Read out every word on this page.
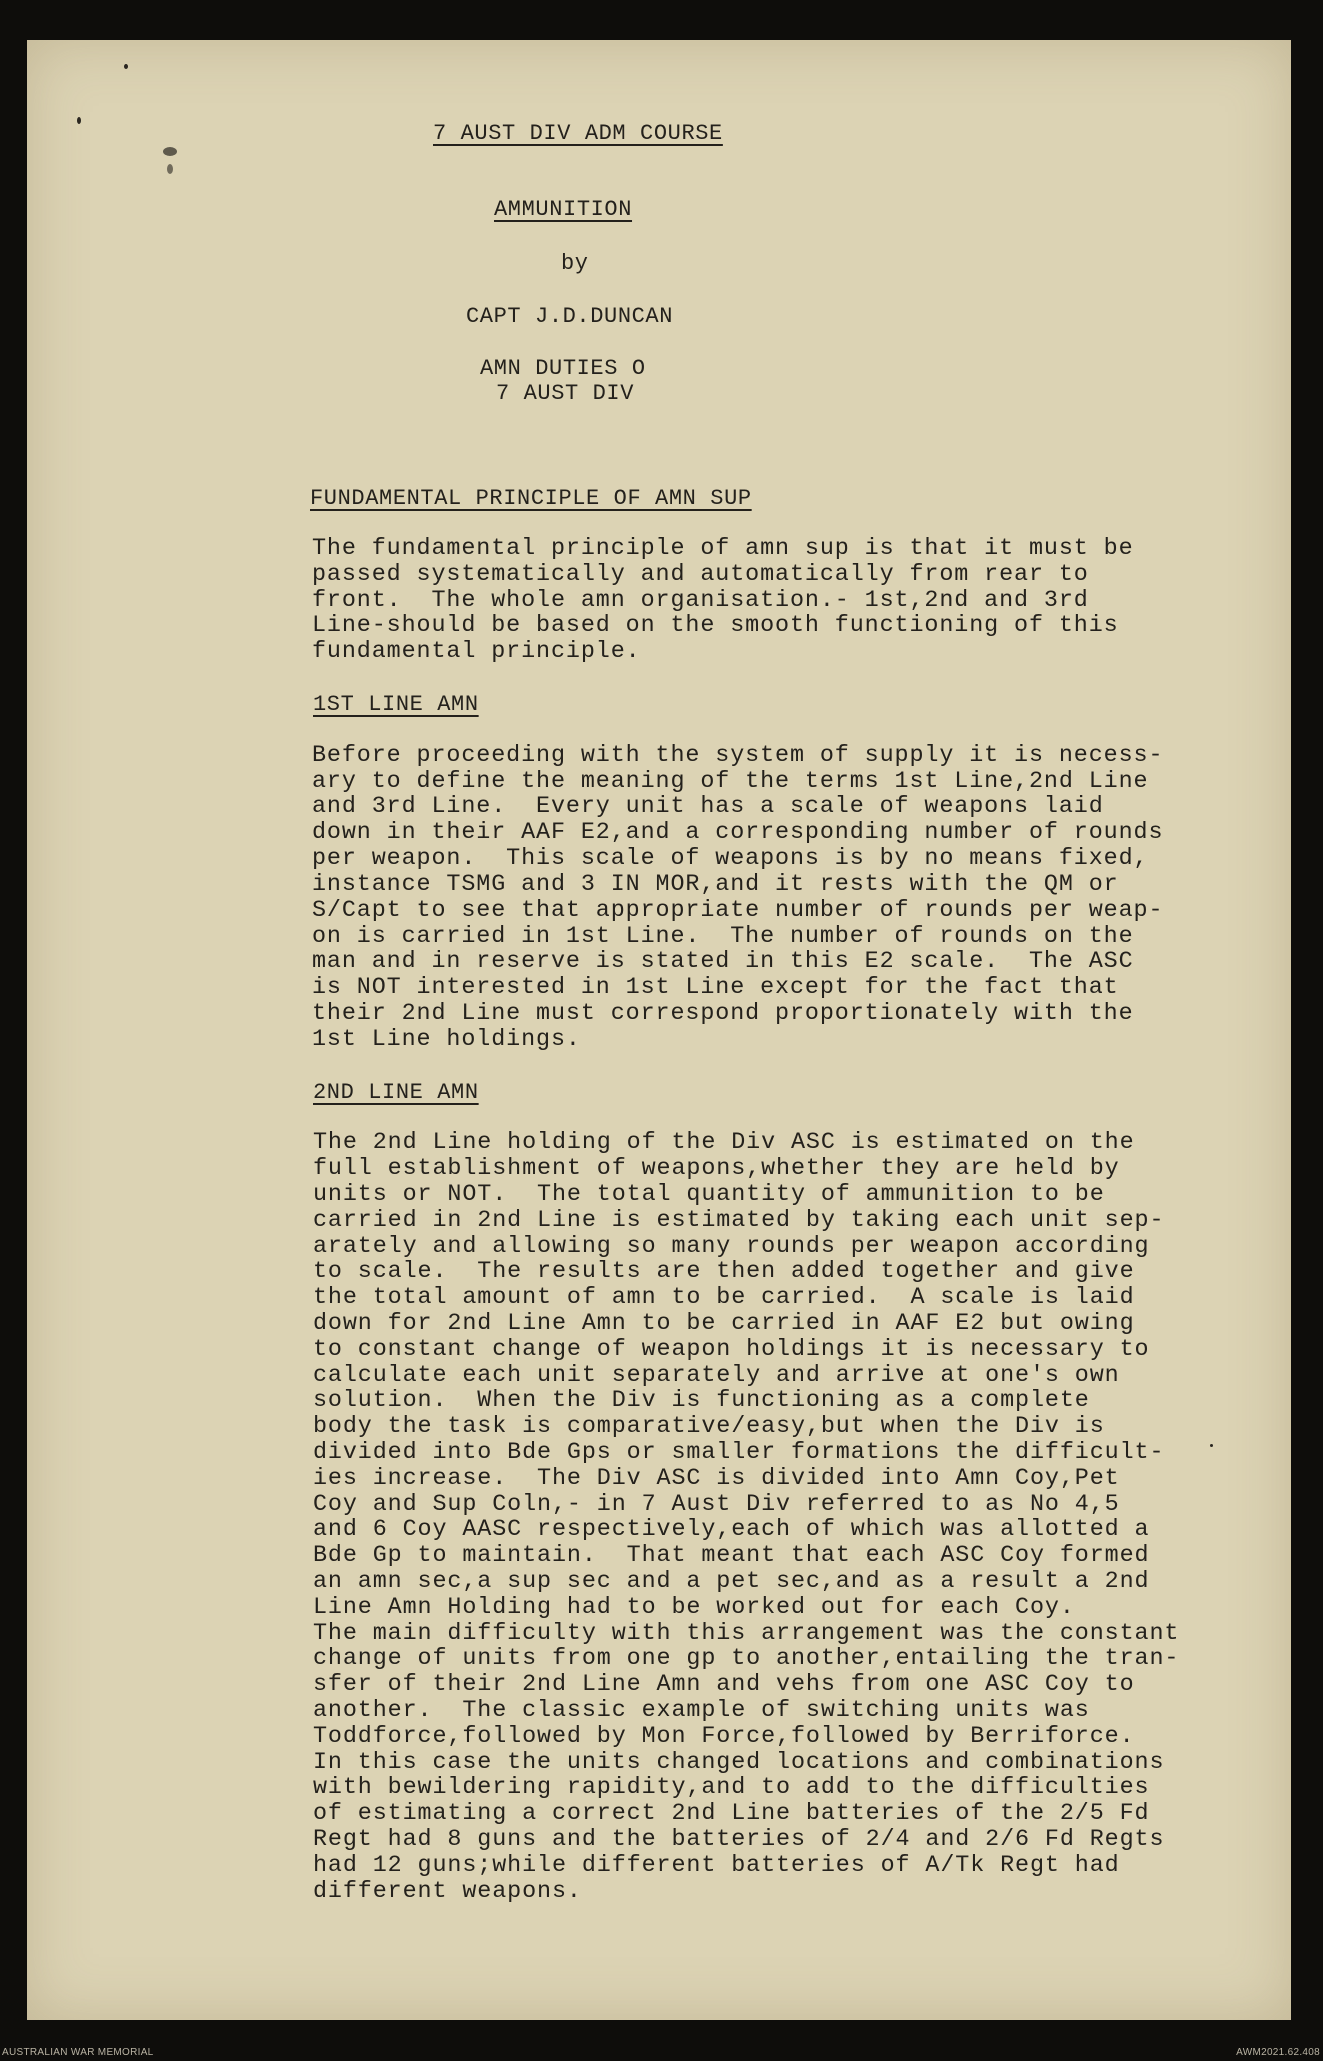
7 AUST DIV ADM COURSE
AMMUNITION
by
CAPT J.D.DUNCAN
AMN DUTIES O
7 AUST DIV
FUNDAMENTAL PRINCIPLE OF AMN SUP
1ST LINE AMN
2ND LINE AMN
The fundamental principle of amn sup is that it must be
passed systematically and automatically from rear to
front.  The whole amn organisation.- 1st,2nd and 3rd
Line-should be based on the smooth functioning of this
fundamental principle.
Before proceeding with the system of supply it is necess-
ary to define the meaning of the terms 1st Line,2nd Line
and 3rd Line.  Every unit has a scale of weapons laid
down in their AAF E2,and a corresponding number of rounds
per weapon.  This scale of weapons is by no means fixed,
instance TSMG and 3 IN MOR,and it rests with the QM or
S/Capt to see that appropriate number of rounds per weap-
on is carried in 1st Line.  The number of rounds on the
man and in reserve is stated in this E2 scale.  The ASC
is NOT interested in 1st Line except for the fact that
their 2nd Line must correspond proportionately with the
1st Line holdings.
The 2nd Line holding of the Div ASC is estimated on the
full establishment of weapons,whether they are held by
units or NOT.  The total quantity of ammunition to be
carried in 2nd Line is estimated by taking each unit sep-
arately and allowing so many rounds per weapon according
to scale.  The results are then added together and give
the total amount of amn to be carried.  A scale is laid
down for 2nd Line Amn to be carried in AAF E2 but owing
to constant change of weapon holdings it is necessary to
calculate each unit separately and arrive at one's own
solution.  When the Div is functioning as a complete
body the task is comparative/easy,but when the Div is
divided into Bde Gps or smaller formations the difficult-
ies increase.  The Div ASC is divided into Amn Coy,Pet
Coy and Sup Coln,- in 7 Aust Div referred to as No 4,5
and 6 Coy AASC respectively,each of which was allotted a
Bde Gp to maintain.  That meant that each ASC Coy formed
an amn sec,a sup sec and a pet sec,and as a result a 2nd
Line Amn Holding had to be worked out for each Coy.
The main difficulty with this arrangement was the constant
change of units from one gp to another,entailing the tran-
sfer of their 2nd Line Amn and vehs from one ASC Coy to
another.  The classic example of switching units was
Toddforce,followed by Mon Force,followed by Berriforce.
In this case the units changed locations and combinations
with bewildering rapidity,and to add to the difficulties
of estimating a correct 2nd Line batteries of the 2/5 Fd
Regt had 8 guns and the batteries of 2/4 and 2/6 Fd Regts
had 12 guns;while different batteries of A/Tk Regt had
different weapons.
AUSTRALIAN WAR MEMORIAL	AWM2021.62.408
